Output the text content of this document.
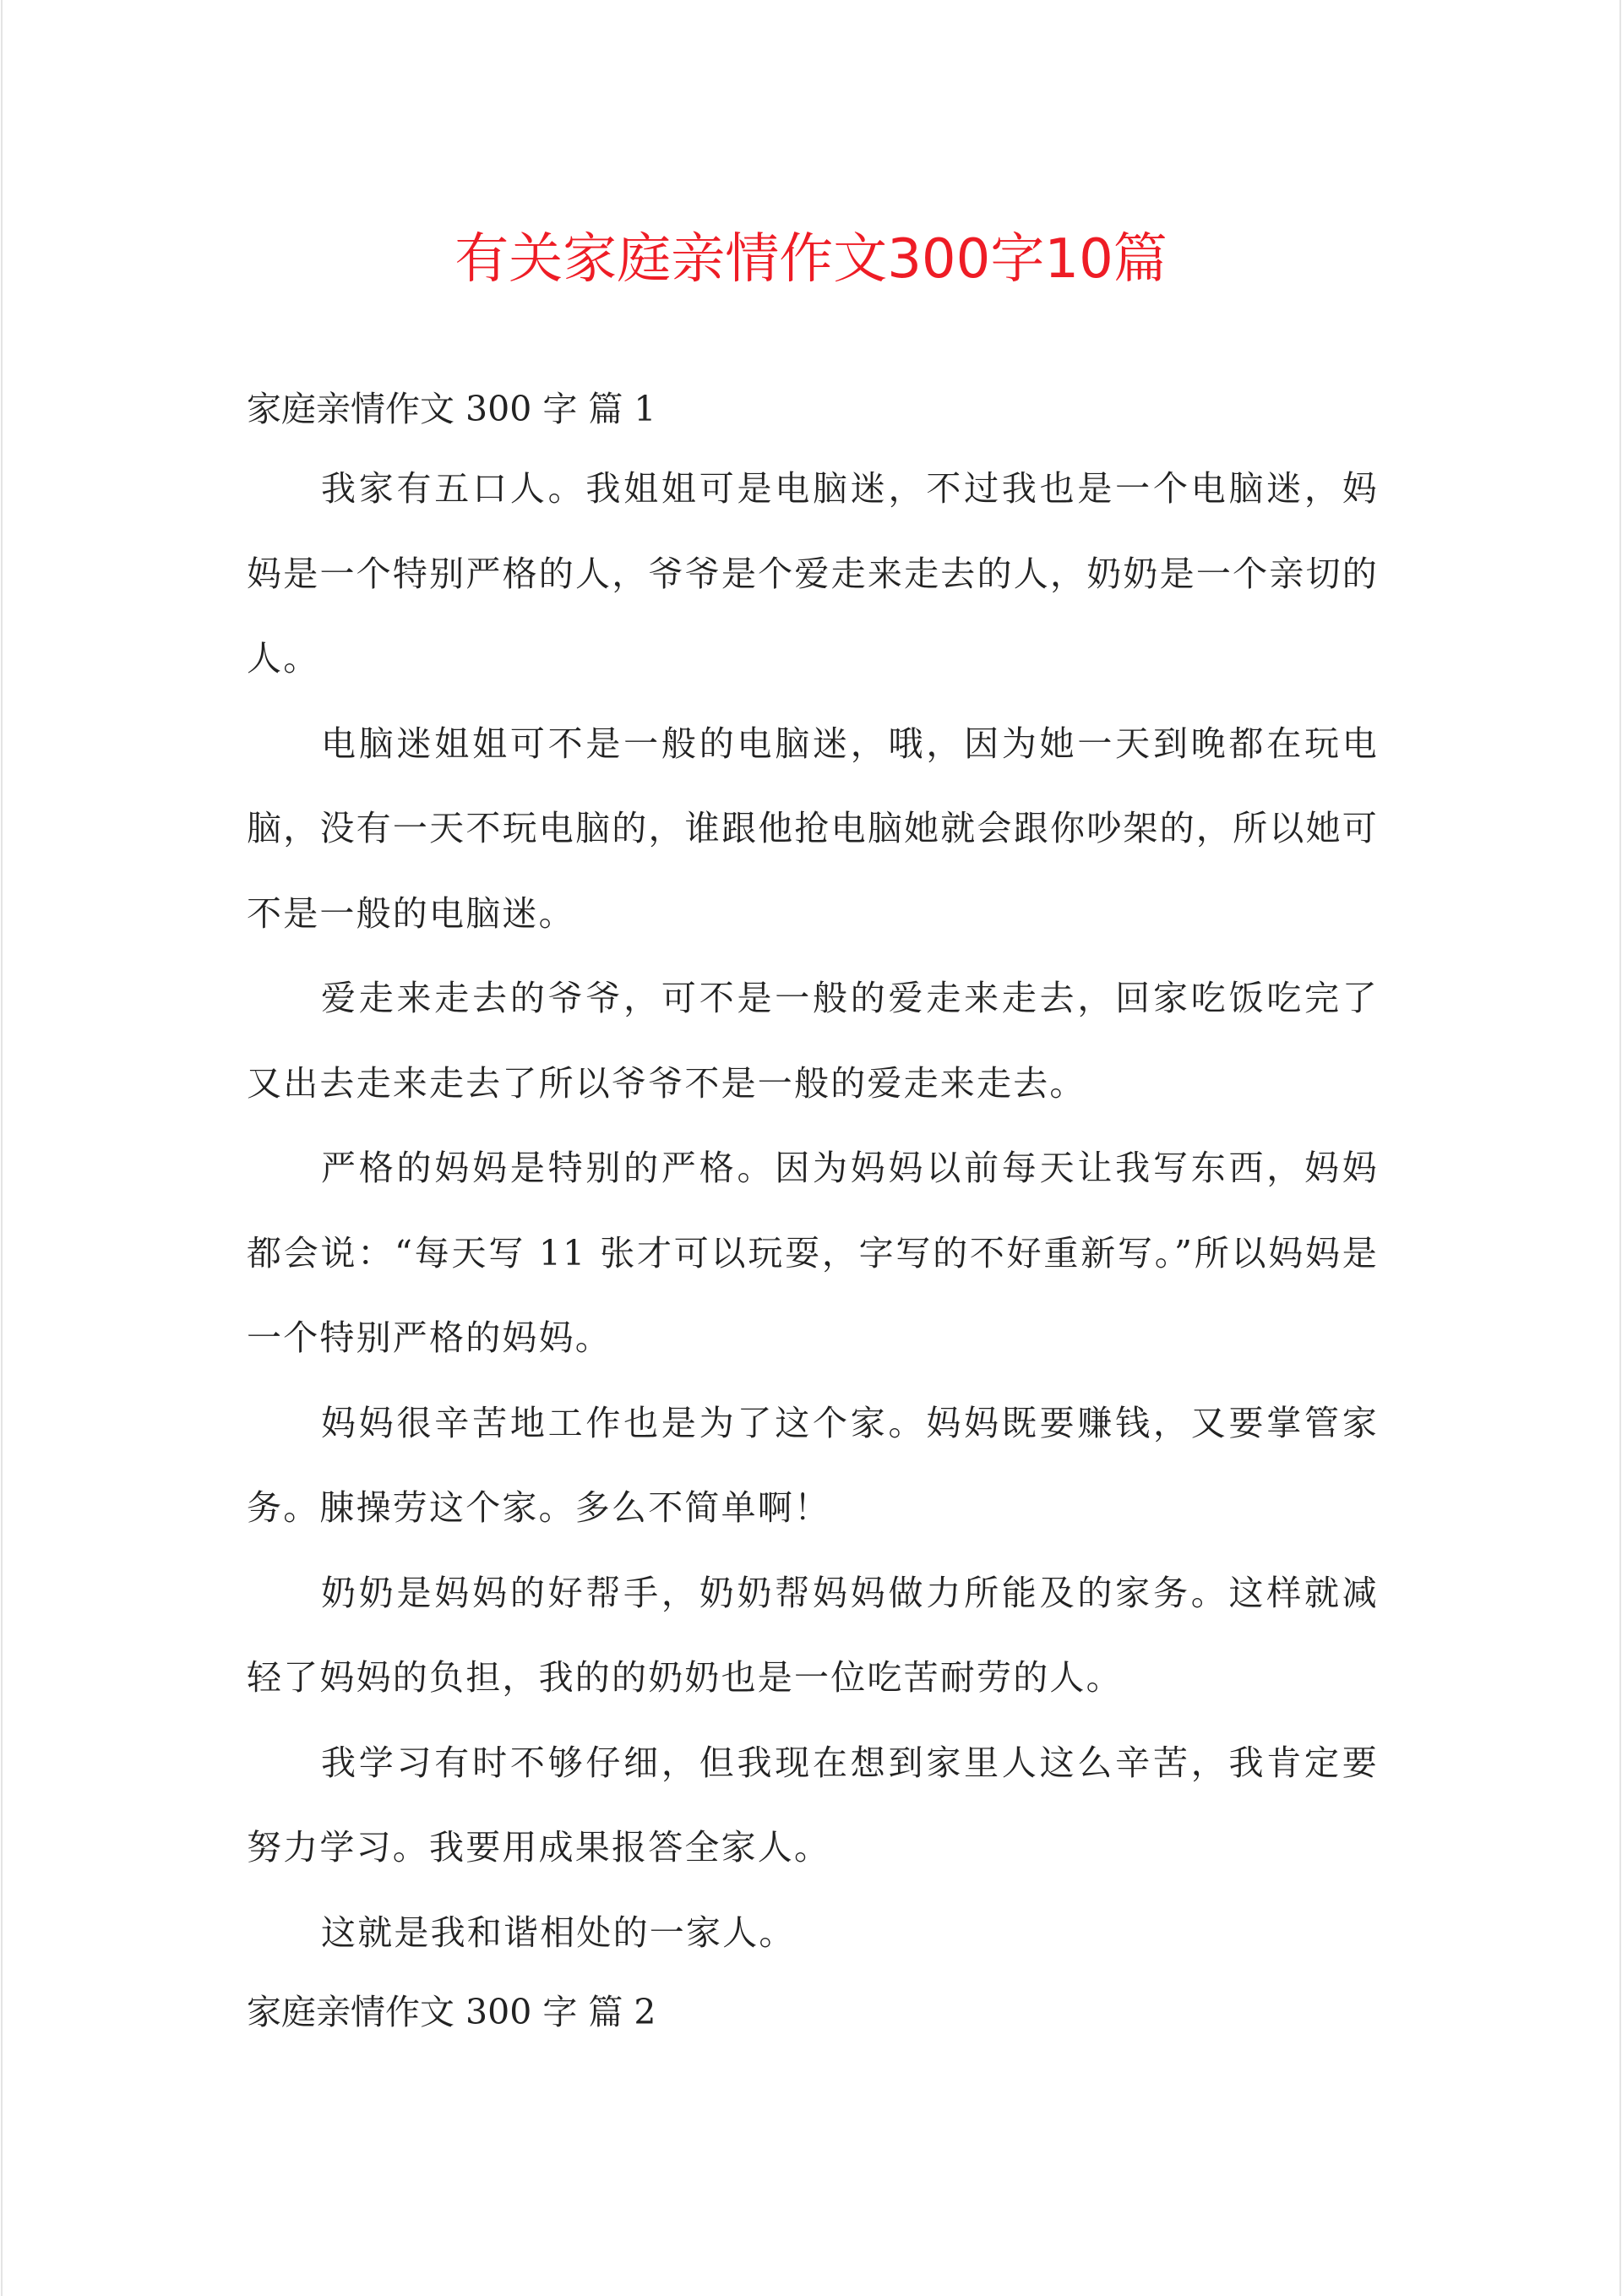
有关家庭亲情作文300字10篇
家庭亲情作文 300 字 篇 1

我家有五口人。我姐姐可是电脑迷，不过我也是一个电脑迷，妈妈是一个特别严格的人，爷爷是个爱走来走去的人，奶奶是一个亲切的人。

电脑迷姐姐可不是一般的电脑迷，哦，因为她一天到晚都在玩电脑，没有一天不玩电脑的，谁跟他抢电脑她就会跟你吵架的，所以她可不是一般的电脑迷。

爱走来走去的爷爷，可不是一般的爱走来走去，回家吃饭吃完了又出去走来走去了所以爷爷不是一般的爱走来走去。

严格的妈妈是特别的严格。因为妈妈以前每天让我写东西，妈妈都会说：“每天写 11 张才可以玩耍，字写的不好重新写。”所以妈妈是一个特别严格的妈妈。

妈妈很辛苦地工作也是为了这个家。妈妈既要赚钱，又要掌管家务。脨操劳这个家。多么不简单啊！

奶奶是妈妈的好帮手，奶奶帮妈妈做力所能及的家务。这样就减轻了妈妈的负担，我的的奶奶也是一位吃苦耐劳的人。

我学习有时不够仔细，但我现在想到家里人这么辛苦，我肯定要努力学习。我要用成果报答全家人。

这就是我和谐相处的一家人。

家庭亲情作文 300 字 篇 2
